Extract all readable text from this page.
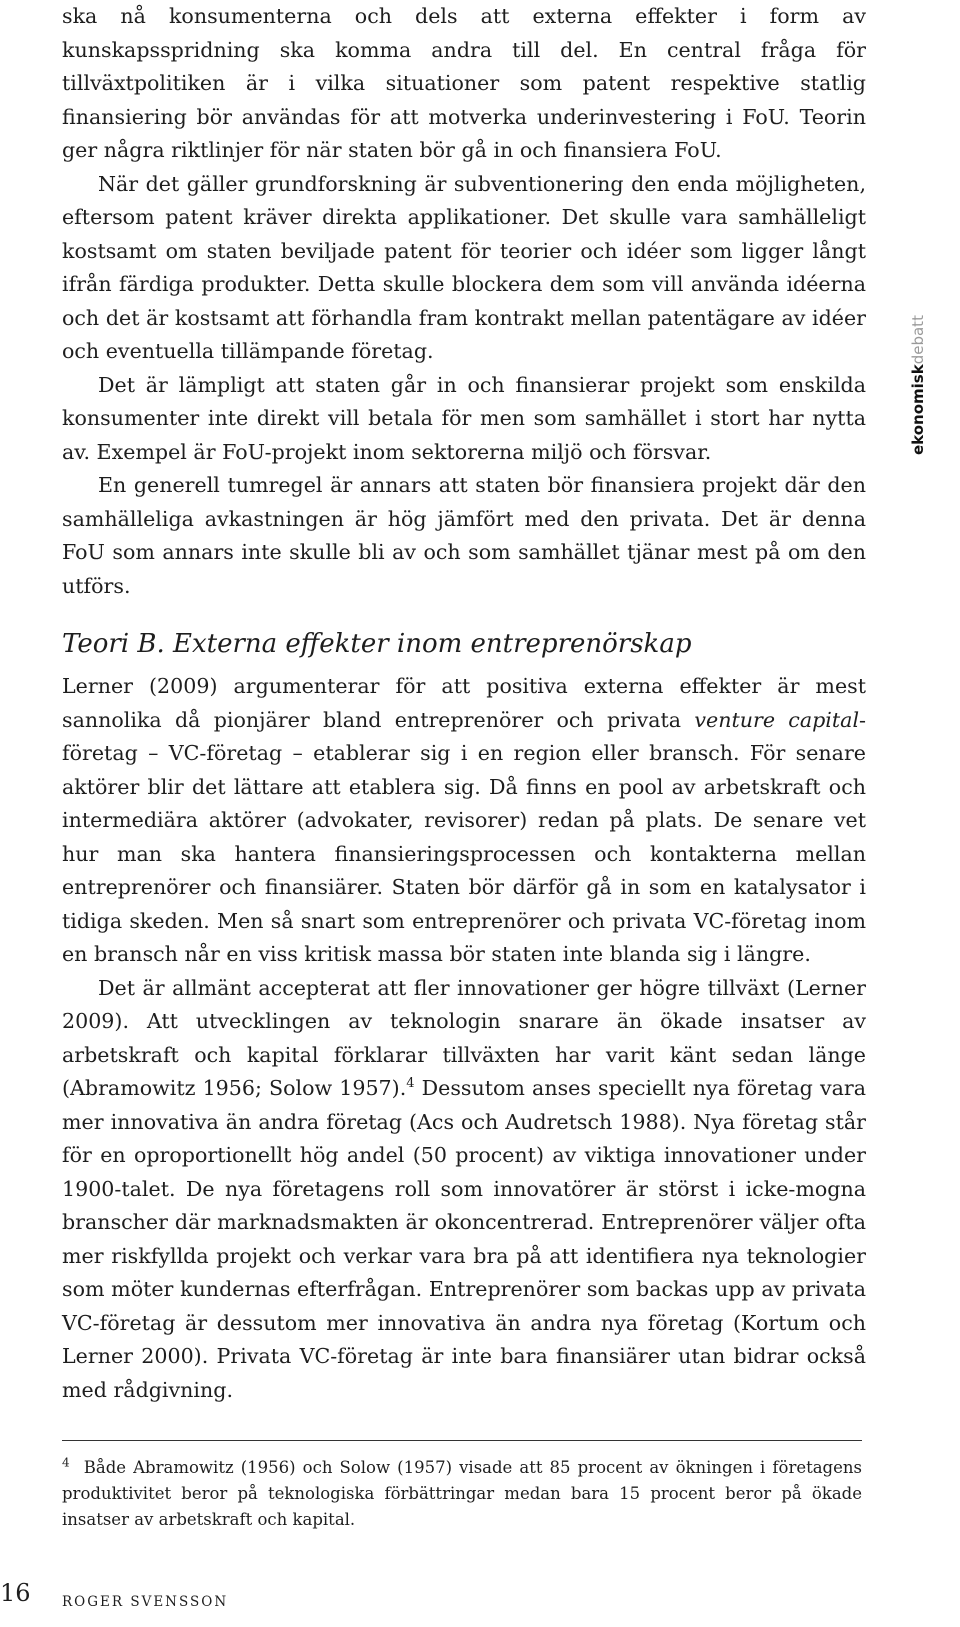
ska nå konsumenterna och dels att externa effekter i form av kunskapsspridning ska komma andra till del. En central fråga för tillväxtpolitiken är i vilka situationer som patent respektive statlig finansiering bör användas för att motverka underinvestering i FoU. Teorin ger några riktlinjer för när staten bör gå in och finansiera FoU.

När det gäller grundforskning är subventionering den enda möjligheten, eftersom patent kräver direkta applikationer. Det skulle vara samhälleligt kostsamt om staten beviljade patent för teorier och idéer som ligger långt ifrån färdiga produkter. Detta skulle blockera dem som vill använda idéerna och det är kostsamt att förhandla fram kontrakt mellan patentägare av idéer och eventuella tillämpande företag.

Det är lämpligt att staten går in och finansierar projekt som enskilda konsumenter inte direkt vill betala för men som samhället i stort har nytta av. Exempel är FoU-projekt inom sektorerna miljö och försvar.

En generell tumregel är annars att staten bör finansiera projekt där den samhälleliga avkastningen är hög jämfört med den privata. Det är denna FoU som annars inte skulle bli av och som samhället tjänar mest på om den utförs.

Teori B. Externa effekter inom entreprenörskap

Lerner (2009) argumenterar för att positiva externa effekter är mest sannolika då pionjärer bland entreprenörer och privata venture capital-företag – VC-företag – etablerar sig i en region eller bransch. För senare aktörer blir det lättare att etablera sig. Då finns en pool av arbetskraft och intermediära aktörer (advokater, revisorer) redan på plats. De senare vet hur man ska hantera finansieringsprocessen och kontakterna mellan entreprenörer och finansiärer. Staten bör därför gå in som en katalysator i tidiga skeden. Men så snart som entreprenörer och privata VC-företag inom en bransch når en viss kritisk massa bör staten inte blanda sig i längre.

Det är allmänt accepterat att fler innovationer ger högre tillväxt (Lerner 2009). Att utvecklingen av teknologin snarare än ökade insatser av arbetskraft och kapital förklarar tillväxten har varit känt sedan länge (Abramowitz 1956; Solow 1957).$^4$ Dessutom anses speciellt nya företag vara mer innovativa än andra företag (Acs och Audretsch 1988). Nya företag står för en oproportionellt hög andel (50 procent) av viktiga innovationer under 1900-talet. De nya företagens roll som innovatörer är störst i icke-mogna branscher där marknadsmakten är okoncentrerad. Entreprenörer väljer ofta mer riskfyllda projekt och verkar vara bra på att identifiera nya teknologier som möter kundernas efterfrågan. Entreprenörer som backas upp av privata VC-företag är dessutom mer innovativa än andra nya företag (Kortum och Lerner 2000). Privata VC-företag är inte bara finansiärer utan bidrar också med rådgivning.

$^4$ Både Abramowitz (1956) och Solow (1957) visade att 85 procent av ökningen i företagens produktivitet beror på teknologiska förbättringar medan bara 15 procent beror på ökade insatser av arbetskraft och kapital.
16 ROGER SVENSSON
ekonomiskdebatt
